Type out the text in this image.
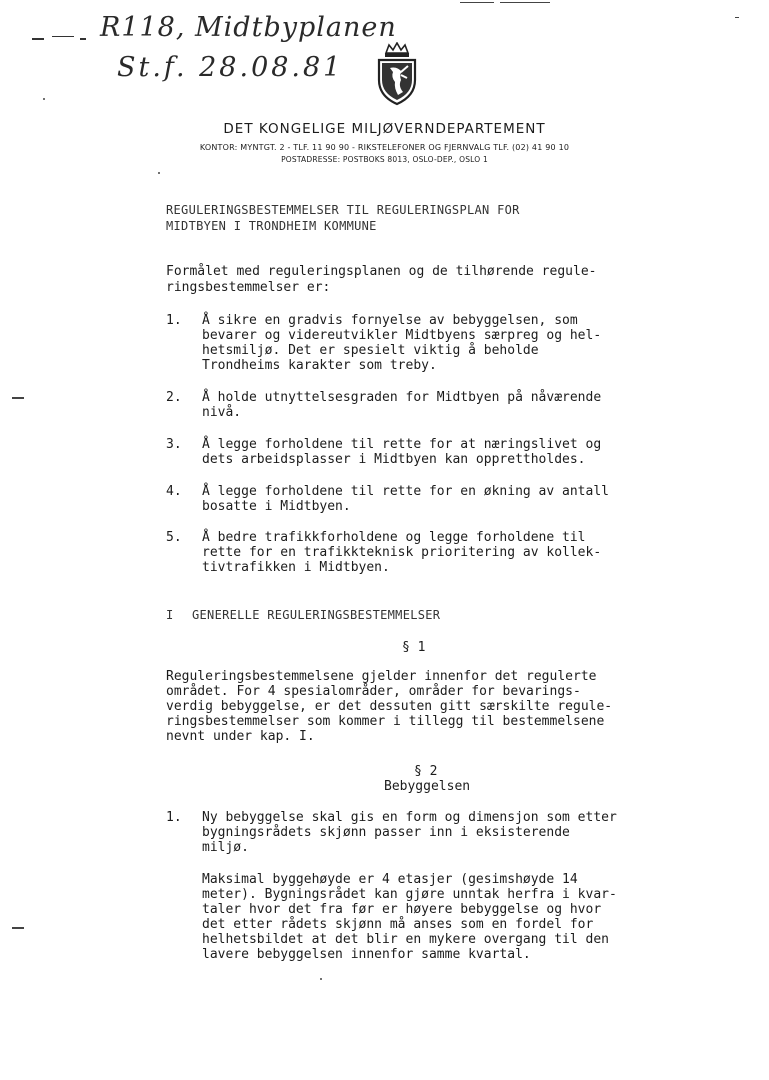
R118, Midtbyplanen
St.f. 28.08.81
DET KONGELIGE MILJØVERNDEPARTEMENT
KONTOR: MYNTGT. 2 - TLF. 11 90 90 - RIKSTELEFONER OG FJERNVALG TLF. (02) 41 90 10
POSTADRESSE: POSTBOKS 8013, OSLO-DEP., OSLO 1
REGULERINGSBESTEMMELSER TIL REGULERINGSPLAN FOR
MIDTBYEN I TRONDHEIM KOMMUNE
Formålet med reguleringsplanen og de tilhørende regule-
ringsbestemmelser er:
1. Å sikre en gradvis fornyelse av bebyggelsen, som
bevarer og videreutvikler Midtbyens særpreg og hel-
hetsmiljø. Det er spesielt viktig å beholde
Trondheims karakter som treby.
2. Å holde utnyttelsesgraden for Midtbyen på nåværende
nivå.
3. Å legge forholdene til rette for at næringslivet og
dets arbeidsplasser i Midtbyen kan opprettholdes.
4. Å legge forholdene til rette for en økning av antall
bosatte i Midtbyen.
5. Å bedre trafikkforholdene og legge forholdene til
rette for en trafikkteknisk prioritering av kollek-
tivtrafikken i Midtbyen.
I GENERELLE REGULERINGSBESTEMMELSER
§ 1
Reguleringsbestemmelsene gjelder innenfor det regulerte
området. For 4 spesialområder, områder for bevarings-
verdig bebyggelse, er det dessuten gitt særskilte regule-
ringsbestemmelser som kommer i tillegg til bestemmelsene
nevnt under kap. I.
§ 2
Bebyggelsen
1. Ny bebyggelse skal gis en form og dimensjon som etter
bygningsrådets skjønn passer inn i eksisterende
miljø.
Maksimal byggehøyde er 4 etasjer (gesimshøyde 14
meter). Bygningsrådet kan gjøre unntak herfra i kvar-
taler hvor det fra før er høyere bebyggelse og hvor
det etter rådets skjønn må anses som en fordel for
helhetsbildet at det blir en mykere overgang til den
lavere bebyggelsen innenfor samme kvartal.
